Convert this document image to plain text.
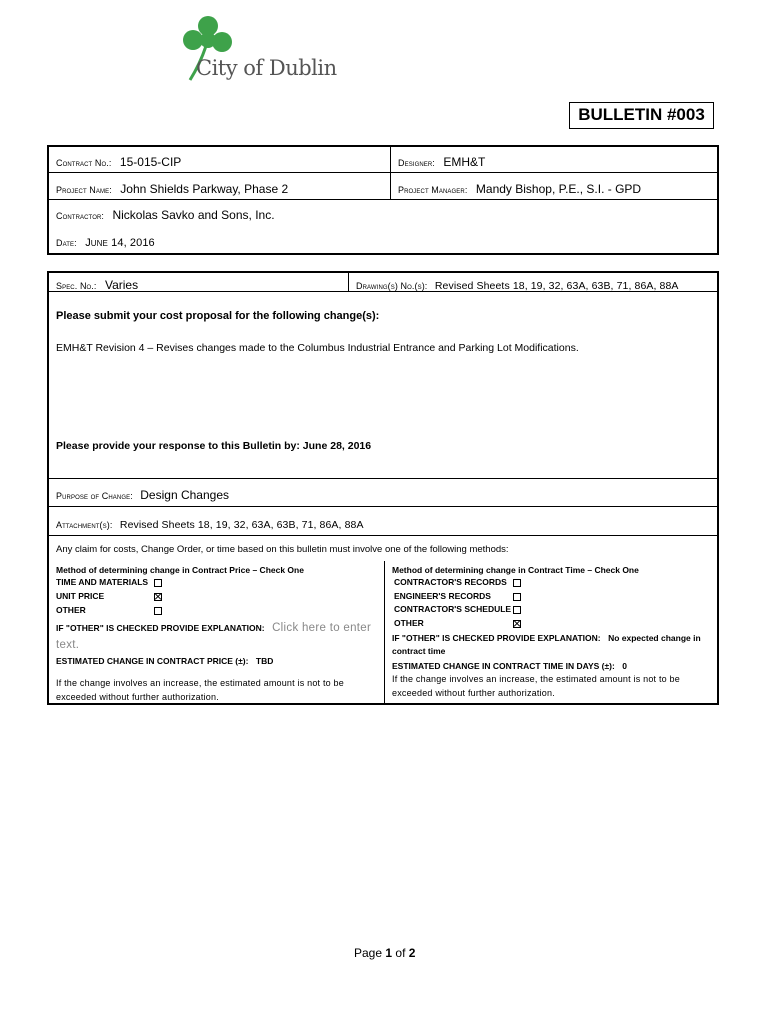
City of Dublin
BULLETIN #003
Contract No.: 15-015-CIP	Designer: EMH&T
Project Name: John Shields Parkway, Phase 2	Project Manager: Mandy Bishop, P.E., S.I. - GPD
Contractor: Nickolas Savko and Sons, Inc.
Date: June 14, 2016
Spec. No.: Varies	Drawing(s) No.(s): Revised Sheets 18, 19, 32, 63A, 63B, 71, 86A, 88A
Please submit your cost proposal for the following change(s):
EMH&T Revision 4 – Revises changes made to the Columbus Industrial Entrance and Parking Lot Modifications.
Please provide your response to this Bulletin by: June 28, 2016
Purpose of Change: Design Changes
Attachment(s): Revised Sheets 18, 19, 32, 63A, 63B, 71, 86A, 88A
Any claim for costs, Change Order, or time based on this bulletin must involve one of the following methods:
Method of determining change in Contract Price – Check One
TIME AND MATERIALS
UNIT PRICE
OTHER
IF "OTHER" IS CHECKED PROVIDE EXPLANATION: Click here to enter text.
ESTIMATED CHANGE IN CONTRACT PRICE (±): TBD
If the change involves an increase, the estimated amount is not to be exceeded without further authorization.
Method of determining change in Contract Time – Check One
CONTRACTOR'S RECORDS
ENGINEER'S RECORDS
CONTRACTOR'S SCHEDULE
OTHER
IF "OTHER" IS CHECKED PROVIDE EXPLANATION: No expected change in contract time
ESTIMATED CHANGE IN CONTRACT TIME IN DAYS (±): 0
If the change involves an increase, the estimated amount is not to be exceeded without further authorization.
Page 1 of 2
